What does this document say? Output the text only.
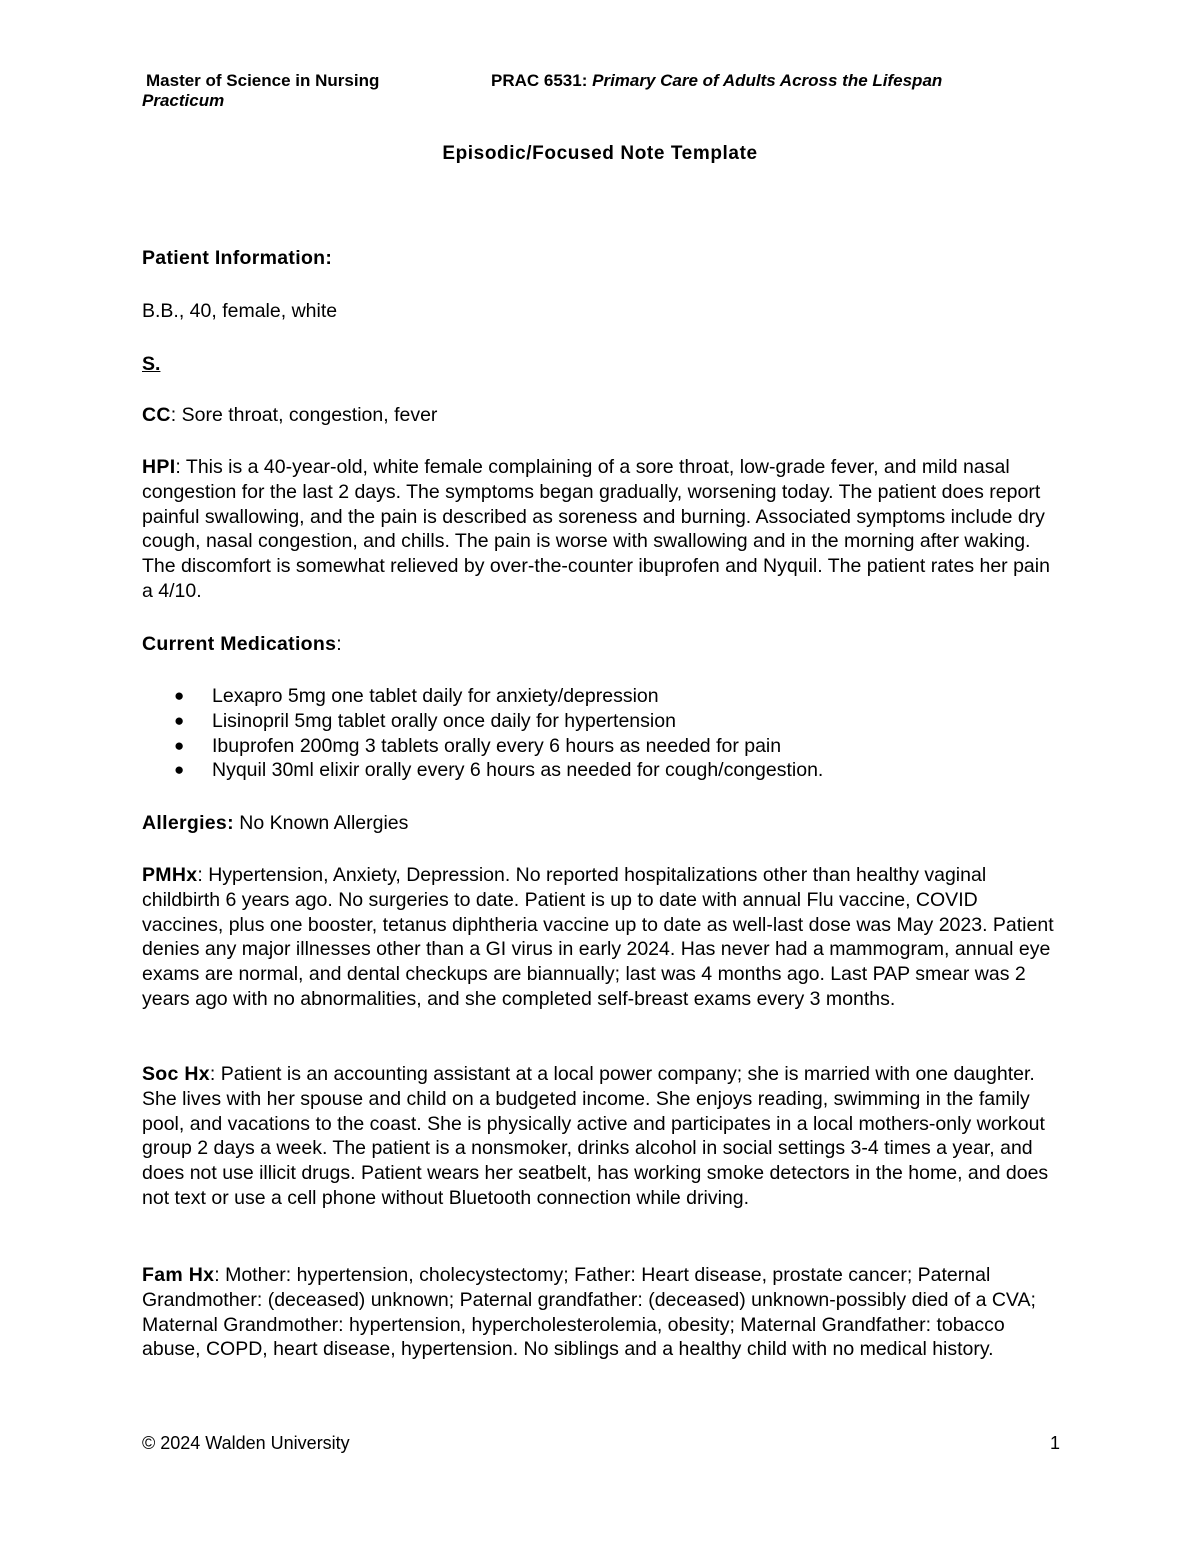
Master of Science in Nursing
Practicum
PRAC 6531: Primary Care of Adults Across the Lifespan
Episodic/Focused Note Template
Patient Information:
B.B., 40, female, white
S.
CC: Sore throat, congestion, fever
HPI: This is a 40-year-old, white female complaining of a sore throat, low-grade fever, and mild nasal congestion for the last 2 days. The symptoms began gradually, worsening today. The patient does report painful swallowing, and the pain is described as soreness and burning. Associated symptoms include dry cough, nasal congestion, and chills. The pain is worse with swallowing and in the morning after waking. The discomfort is somewhat relieved by over-the-counter ibuprofen and Nyquil. The patient rates her pain a 4/10.
Current Medications:
● Lexapro 5mg one tablet daily for anxiety/depression
● Lisinopril 5mg tablet orally once daily for hypertension
● Ibuprofen 200mg 3 tablets orally every 6 hours as needed for pain
● Nyquil 30ml elixir orally every 6 hours as needed for cough/congestion.
Allergies: No Known Allergies
PMHx: Hypertension, Anxiety, Depression. No reported hospitalizations other than healthy vaginal childbirth 6 years ago. No surgeries to date. Patient is up to date with annual Flu vaccine, COVID vaccines, plus one booster, tetanus diphtheria vaccine up to date as well-last dose was May 2023. Patient denies any major illnesses other than a GI virus in early 2024. Has never had a mammogram, annual eye exams are normal, and dental checkups are biannually; last was 4 months ago. Last PAP smear was 2 years ago with no abnormalities, and she completed self-breast exams every 3 months.
Soc Hx: Patient is an accounting assistant at a local power company; she is married with one daughter. She lives with her spouse and child on a budgeted income. She enjoys reading, swimming in the family pool, and vacations to the coast. She is physically active and participates in a local mothers-only workout group 2 days a week. The patient is a nonsmoker, drinks alcohol in social settings 3-4 times a year, and does not use illicit drugs. Patient wears her seatbelt, has working smoke detectors in the home, and does not text or use a cell phone without Bluetooth connection while driving.
Fam Hx: Mother: hypertension, cholecystectomy; Father: Heart disease, prostate cancer; Paternal Grandmother: (deceased) unknown; Paternal grandfather: (deceased) unknown-possibly died of a CVA; Maternal Grandmother: hypertension, hypercholesterolemia, obesity; Maternal Grandfather: tobacco abuse, COPD, heart disease, hypertension. No siblings and a healthy child with no medical history.
© 2024 Walden University	1
